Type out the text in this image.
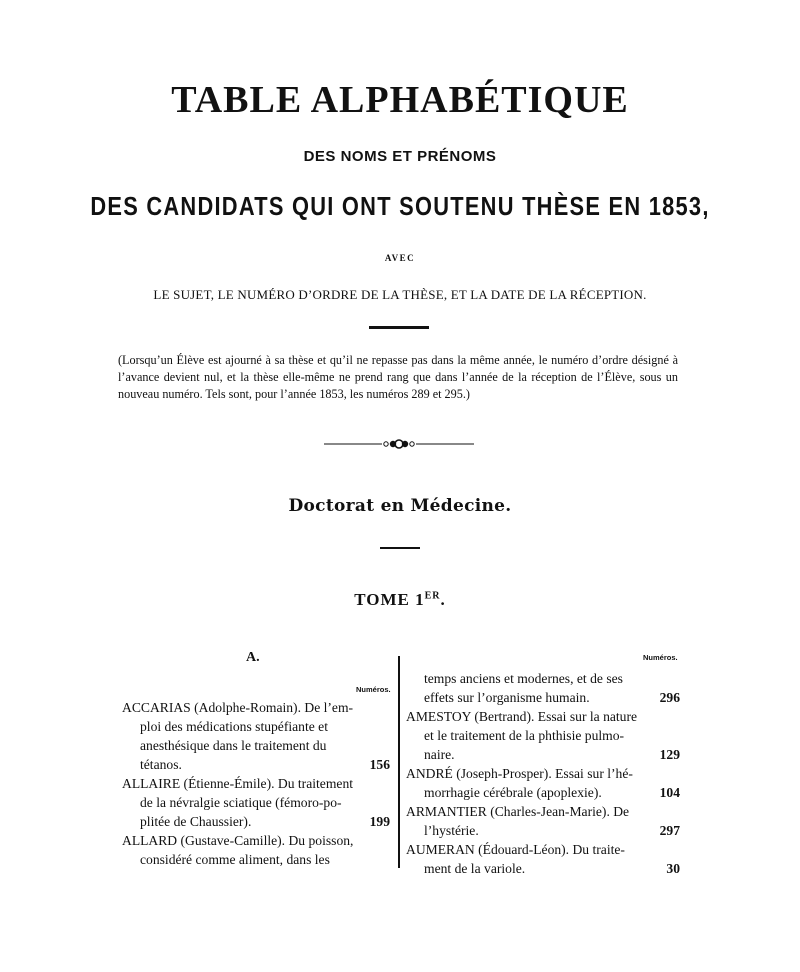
TABLE ALPHABÉTIQUE
DES NOMS ET PRÉNOMS
DES CANDIDATS QUI ONT SOUTENU THÈSE EN 1853,
AVEC
LE SUJET, LE NUMÉRO D’ORDRE DE LA THÈSE, ET LA DATE DE LA RÉCEPTION.
(Lorsqu’un Élève est ajourné à sa thèse et qu’il ne repasse pas dans la même année, le numéro d’ordre désigné à l’avance devient nul, et la thèse elle-même ne prend rang que dans l’année de la réception de l’Élève, sous un nouveau numéro. Tels sont, pour l’année 1853, les numéros 289 et 295.)
Doctorat en Médecine.
TOME 1ER.
A.
Numéros.
Numéros.
ACCARIAS (Adolphe-Romain). De l’em-
ploi des médications stupéfiante et
anesthésique dans le traitement du
tétanos.	156
ALLAIRE (Étienne-Émile). Du traitement
de la névralgie sciatique (fémoro-po-
plitée de Chaussier).	199
ALLARD (Gustave-Camille). Du poisson,
considéré comme aliment, dans les
temps anciens et modernes, et de ses
effets sur l’organisme humain.	296
AMESTOY (Bertrand). Essai sur la nature
et le traitement de la phthisie pulmo-
naire.	129
ANDRÉ (Joseph-Prosper). Essai sur l’hé-
morrhagie cérébrale (apoplexie).	104
ARMANTIER (Charles-Jean-Marie). De
l’hystérie.	297
AUMERAN (Édouard-Léon). Du traite-
ment de la variole.	30
